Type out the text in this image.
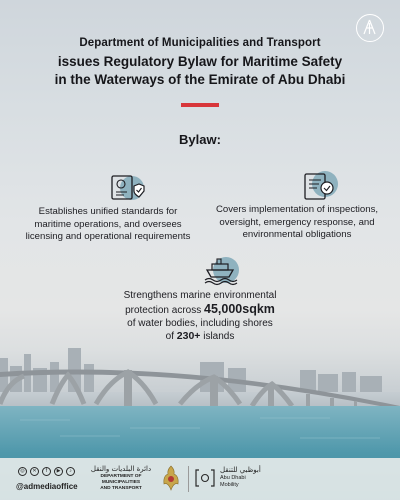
Department of Municipalities and Transport
issues Regulatory Bylaw for Maritime Safety
in the Waterways of the Emirate of Abu Dhabi
Bylaw:
Establishes unified standards for
maritime operations, and oversees
licensing and operational requirements
Covers implementation of inspections,
oversight, emergency response, and
environmental obligations
Strengthens marine environmental
protection across 45,000sqkm
of water bodies, including shores
of 230+ islands
◎	✕	f	▶	♪
@admediaoffice
دائرة البلديات والنقل
DEPARTMENT OF MUNICIPALITIES
AND TRANSPORT
أبوظبي للتنقل
Abu Dhabi
Mobility
